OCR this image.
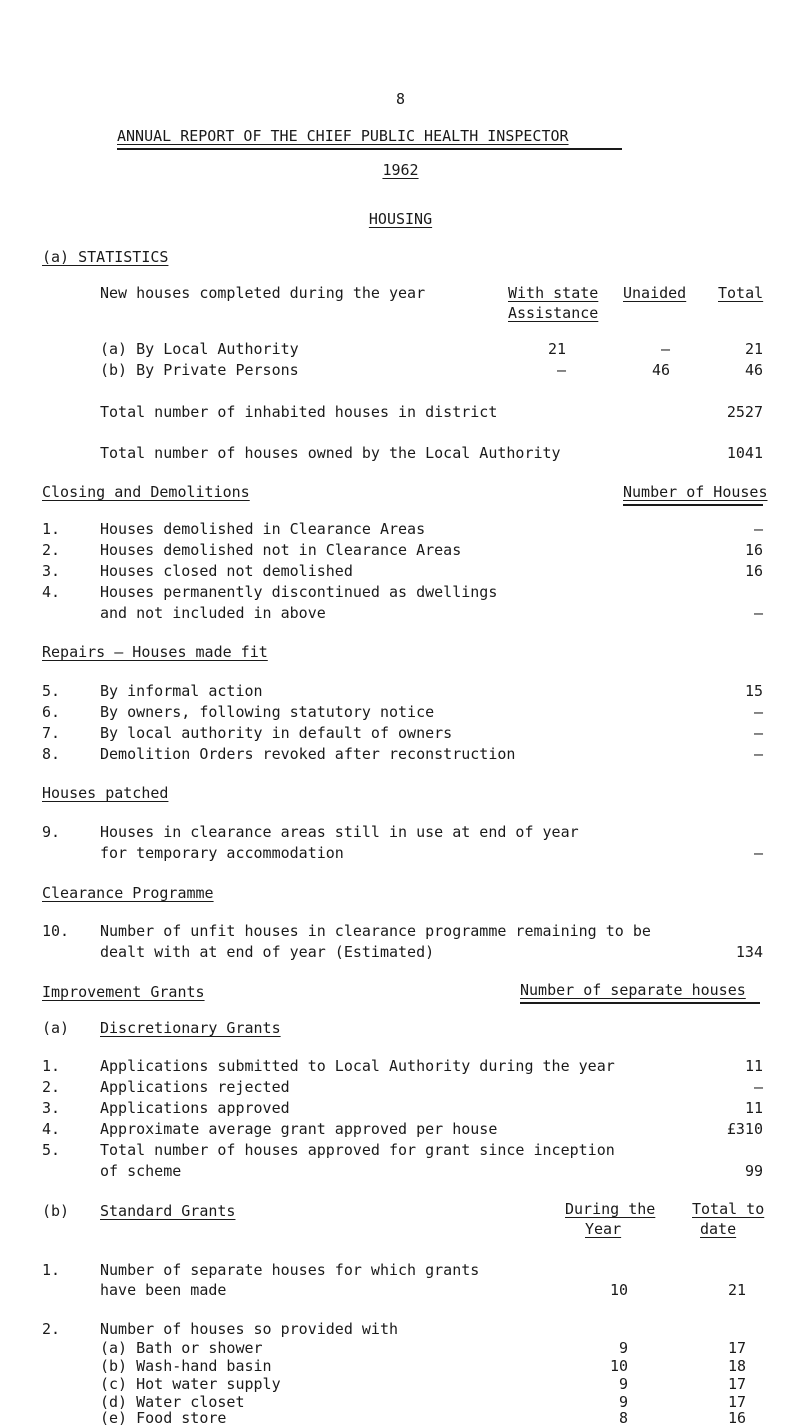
8
ANNUAL REPORT OF THE CHIEF PUBLIC HEALTH INSPECTOR
1962
HOUSING
(a) STATISTICS
New houses completed during the year	With state
Assistance
Unaided Total
(a) By Local Authority	21	–	21
(b) By Private Persons	–	46	46
Total number of inhabited houses in district	2527
Total number of houses owned by the Local Authority	1041
Closing and Demolitions	Number of Houses
1.	Houses demolished in Clearance Areas	–
2.	Houses demolished not in Clearance Areas	16
3.	Houses closed not demolished	16
4.	Houses permanently discontinued as dwellings
and not included in above	–
Repairs – Houses made fit
5.	By informal action	15
6.	By owners, following statutory notice	–
7.	By local authority in default of owners	–
8.	Demolition Orders revoked after reconstruction	–
Houses patched
9.	Houses in clearance areas still in use at end of year
for temporary accommodation	–
Clearance Programme
10. Number of unfit houses in clearance programme remaining to be
dealt with at end of year (Estimated)	134
Improvement Grants	Number of separate houses
(a) Discretionary Grants
1.	Applications submitted to Local Authority during the year	11
2.	Applications rejected	–
3.	Applications approved	11
4.	Approximate average grant approved per house	£310
5.	Total number of houses approved for grant since inception
of scheme	99
(b) Standard Grants	During the
Year
Total to
date
1.	Number of separate houses for which grants
have been made	10	21
2.	Number of houses so provided with
(a) Bath or shower	9	17
(b) Wash-hand basin	10	18
(c) Hot water supply	9	17
(d) Water closet	9	17
(e) Food store	8	16
